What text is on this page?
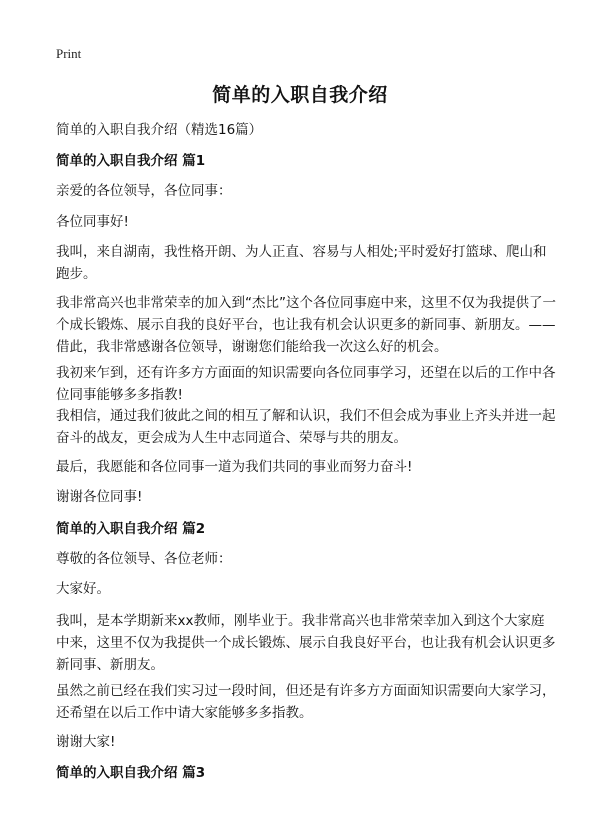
Print
简单的入职自我介绍

简单的入职自我介绍（精选16篇）

简单的入职自我介绍 篇1

亲爱的各位领导，各位同事：

各位同事好!

我叫，来自湖南，我性格开朗、为人正直、容易与人相处;平时爱好打篮球、爬山和跑步。

我非常高兴也非常荣幸的加入到“杰比”这个各位同事庭中来，这里不仅为我提供了一个成长锻炼、展示自我的良好平台，也让我有机会认识更多的新同事、新朋友。——借此，我非常感谢各位领导，谢谢您们能给我一次这么好的机会。

我初来乍到，还有许多方方面面的知识需要向各位同事学习，还望在以后的工作中各位同事能够多多指教!

我相信，通过我们彼此之间的相互了解和认识，我们不但会成为事业上齐头并进一起奋斗的战友，更会成为人生中志同道合、荣辱与共的朋友。

最后，我愿能和各位同事一道为我们共同的事业而努力奋斗!

谢谢各位同事!

简单的入职自我介绍 篇2

尊敬的各位领导、各位老师：

大家好。

我叫，是本学期新来xx教师，刚毕业于。我非常高兴也非常荣幸加入到这个大家庭中来，这里不仅为我提供一个成长锻炼、展示自我良好平台，也让我有机会认识更多新同事、新朋友。

虽然之前已经在我们实习过一段时间，但还是有许多方方面面知识需要向大家学习，还希望在以后工作中请大家能够多多指教。

谢谢大家!

简单的入职自我介绍 篇3
